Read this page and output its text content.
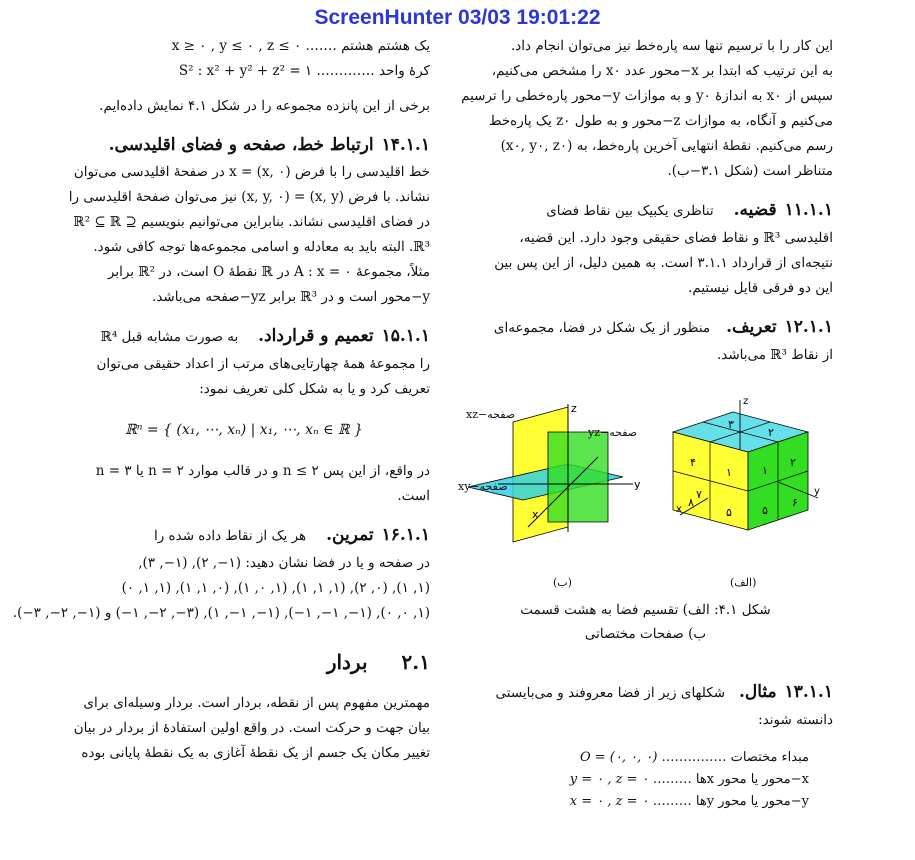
ScreenHunter 03/03 19:01:22
یک هشتم هشتم ……. x ≥ ۰ , y ≤ ۰ , z ≤ ۰
کرهٔ واحد …………. S² : x² + y² + z² = ۱
برخی از این پانزده مجموعه را در شکل ۴.۱ نمایش داده‌ایم.
۱۴.۱.۱ارتباط خط، صفحه و فضای اقلیدسی.
خط اقلیدسی را با فرض (x, ۰) = x در صفحهٔ اقلیدسی می‌توان
نشاند. با فرض (x, y) = (x, y, ۰) نیز می‌توان صفحهٔ اقلیدسی را
در فضای اقلیدسی نشاند. بنابراین می‌توانیم بنویسیم ⊆ ℝ² ⊆ ℝ
ℝ³. البته باید به معادله و اسامی مجموعه‌ها توجه کافی شود.
مثلاً، مجموعهٔ A : x = ۰ در ℝ نقطهٔ O است، در ℝ² برابر
y−محور است و در ℝ³ برابر yz−صفحه می‌باشد.
۱۵.۱.۱تعمیم و قرارداد. به صورت مشابه قبل ℝ⁴
را مجموعهٔ همهٔ چهارتایی‌های مرتب از اعداد حقیقی می‌توان
تعریف کرد و یا به شکل کلی تعریف نمود:
ℝⁿ = { (x₁, ⋯, xₙ) | x₁, ⋯, xₙ ∈ ℝ }
در واقع، از این پس n ≤ ۲ و در قالب موارد n = ۲ یا n = ۳
است.
۱۶.۱.۱تمرین. هر یک از نقاط داده شده را
در صفحه و یا در فضا نشان دهید: (۱−, ۲), (۱−, ۳),
(۱, ۱), (۰, ۲), (۱, ۱, ۱), (۱, ۰, ۱), (۰, ۱, ۱), (۱, ۱, ۰)
(۱, ۰, ۰), (۱−, ۱−, ۱−), (۱−, ۱−, ۱), (۳−, ۲−, ۱−) و (۱−, ۲−, ۳−).
۲.۱بردار
مهمترین مفهوم پس از نقطه، بردار است. بردار وسیله‌ای برای
بیان جهت و حرکت است. در واقع اولین استفادهٔ از بردار در بیان
تغییر مکان یک جسم از یک نقطهٔ آغازی به یک نقطهٔ پایانی بوده
این کار را با ترسیم تنها سه پاره‌خط نیز می‌توان انجام داد.
به این ترتیب که ابتدا بر x−محور عدد x۰ را مشخص می‌کنیم،
سپس از x۰ به اندازهٔ y۰ و به موازات y−محور پاره‌خطی را ترسیم
می‌کنیم و آنگاه، به موازات z−محور و به طول z۰ یک پاره‌خط
رسم می‌کنیم. نقطهٔ انتهایی آخرین پاره‌خط، به (x۰, y۰, z۰)
متناظر است (شکل ۳.۱−ب).
۱۱.۱.۱قضیه. تناظری یکبیک بین نقاط فضای
اقلیدسی ℝ³ و نقاط فضای حقیقی وجود دارد. این قضیه،
نتیجه‌ای از قرارداد ۳.۱.۱ است. به همین دلیل، از این پس بین
این دو فرقی قایل نیستیم.
۱۲.۱.۱تعریف. منظور از یک شکل در فضا، مجموعه‌ای
از نقاط ℝ³ می‌باشد.
z
y
x
صفحه−xz
صفحه−yz
صفحه−xy
(ب)
z
y
x
۳
۲
۴
۱	۱
۲
۸
۵	۵
۶
۷
(الف)
شکل ۴.۱: الف) تقسیم فضا به هشت قسمت
ب) صفحات مختصاتی
۱۳.۱.۱مثال. شکلهای زیر از فضا معروفند و می‌بایستی
دانسته شوند:
مبداء مختصات …………… O = (۰, ۰, ۰)
x−محور یا محور xها ……… y = ۰ , z = ۰
y−محور یا محور yها ……… x = ۰ , z = ۰
